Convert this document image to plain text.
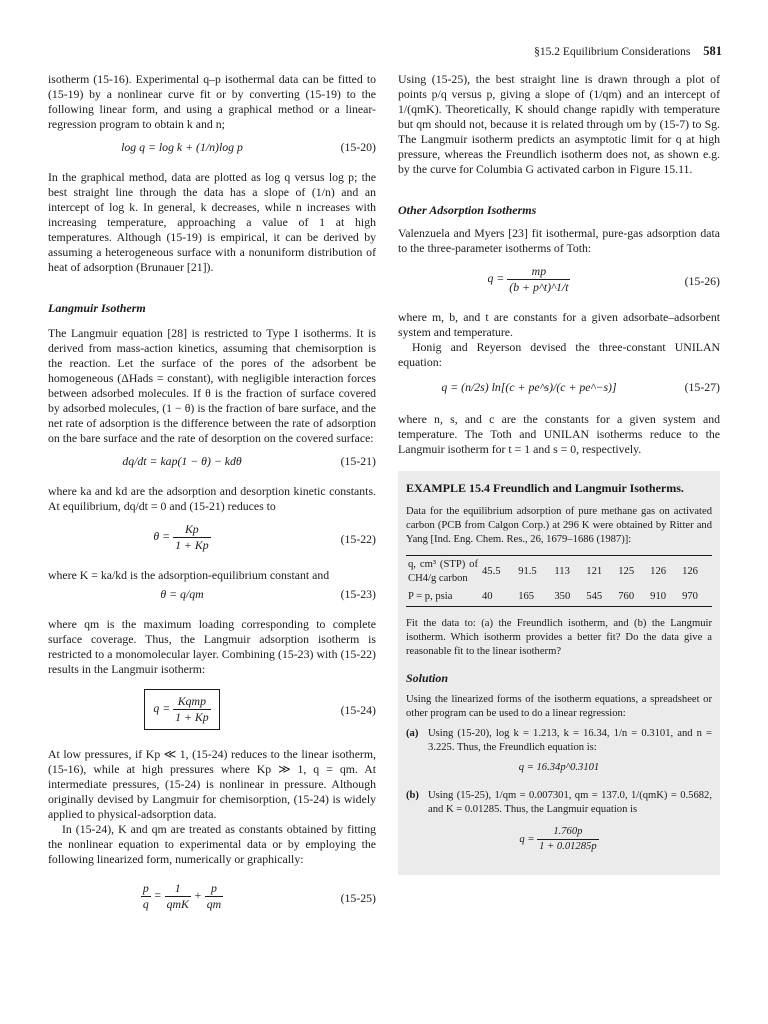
§15.2 Equilibrium Considerations 581

isotherm (15-16). Experimental q–p isothermal data can be fitted to (15-19) by a nonlinear curve fit or by converting (15-19) to the following linear form, and using a graphical method or a linear-regression program to obtain k and n;

log q = log k + (1/n)log p	(15-20)

In the graphical method, data are plotted as log q versus log p; the best straight line through the data has a slope of (1/n) and an intercept of log k. In general, k decreases, while n increases with increasing temperature, approaching a value of 1 at high temperatures. Although (15-19) is empirical, it can be derived by assuming a heterogeneous surface with a nonuniform distribution of heat of adsorption (Brunauer [21]).

Langmuir Isotherm

The Langmuir equation [28] is restricted to Type I isotherms. It is derived from mass-action kinetics, assuming that chemisorption is the reaction. Let the surface of the pores of the adsorbent be homogeneous (ΔHads = constant), with negligible interaction forces between adsorbed molecules. If θ is the fraction of surface covered by adsorbed molecules, (1 − θ) is the fraction of bare surface, and the net rate of adsorption is the difference between the rate of adsorption on the bare surface and the rate of desorption on the covered surface:

dq/dt = kap(1 − θ) − kdθ	(15-21)

where ka and kd are the adsorption and desorption kinetic constants. At equilibrium, dq/dt = 0 and (15-21) reduces to

$\theta = \frac{Kp}{1 + Kp}$	(15-22)

where K = ka/kd is the adsorption-equilibrium constant and

θ = q/qm	(15-23)

where qm is the maximum loading corresponding to complete surface coverage. Thus, the Langmuir adsorption isotherm is restricted to a monomolecular layer. Combining (15-23) with (15-22) results in the Langmuir isotherm:

$q = \frac{\text{Kqmp}}{1 + Kp}$	(15-24)

At low pressures, if Kp ≪ 1, (15-24) reduces to the linear isotherm, (15-16), while at high pressures where Kp ≫ 1, q = qm. At intermediate pressures, (15-24) is nonlinear in pressure. Although originally devised by Langmuir for chemisorption, (15-24) is widely applied to physical-adsorption data.

In (15-24), K and qm are treated as constants obtained by fitting the nonlinear equation to experimental data or by employing the following linearized form, numerically or graphically:

$\frac{p}{q} = \frac{1}{\text{qmK}} + \frac{p}{qm}$	(15-25)

Using (15-25), the best straight line is drawn through a plot of points p/q versus p, giving a slope of (1/qm) and an intercept of 1/(qmK). Theoretically, K should change rapidly with temperature but qm should not, because it is related through υm by (15-7) to Sg. The Langmuir isotherm predicts an asymptotic limit for q at high pressure, whereas the Freundlich isotherm does not, as shown e.g. by the curve for Columbia G activated carbon in Figure 15.11.

Other Adsorption Isotherms

Valenzuela and Myers [23] fit isothermal, pure-gas adsorption data to the three-parameter isotherms of Toth:

$q = \frac{mp}{(b + p\^{}t)\^{}1/t}$	(15-26)

where m, b, and t are constants for a given adsorbate–adsorbent system and temperature.

Honig and Reyerson devised the three-constant UNILAN equation:

q = (n/2s) ln[(c + pe^s)/(c + pe^−s)]	(15-27)

where n, s, and c are the constants for a given system and temperature. The Toth and UNILAN isotherms reduce to the Langmuir isotherm for t = 1 and s = 0, respectively.

EXAMPLE 15.4 Freundlich and Langmuir Isotherms.

Data for the equilibrium adsorption of pure methane gas on activated carbon (PCB from Calgon Corp.) at 296 K were obtained by Ritter and Yang [Ind. Eng. Chem. Res., 26, 1679–1686 (1987)]:

q, cm³ (STP) of CH4/g carbon	45.5	91.5	113	121	125	126	126
P = p, psia	40	165	350	545	760	910	970

Fit the data to: (a) the Freundlich isotherm, and (b) the Langmuir isotherm. Which isotherm provides a better fit? Do the data give a reasonable fit to the linear isotherm?

Solution

Using the linearized forms of the isotherm equations, a spreadsheet or other program can be used to do a linear regression:

(a) Using (15-20), log k = 1.213, k = 16.34, 1/n = 0.3101, and n = 3.225. Thus, the Freundlich equation is:
q = 16.34p^0.3101
(b) Using (15-25), 1/qm = 0.007301, qm = 137.0, 1/(qmK) = 0.5682, and K = 0.01285. Thus, the Langmuir equation is
$q = \frac{1.760p}{1 + 0.01285p}$
